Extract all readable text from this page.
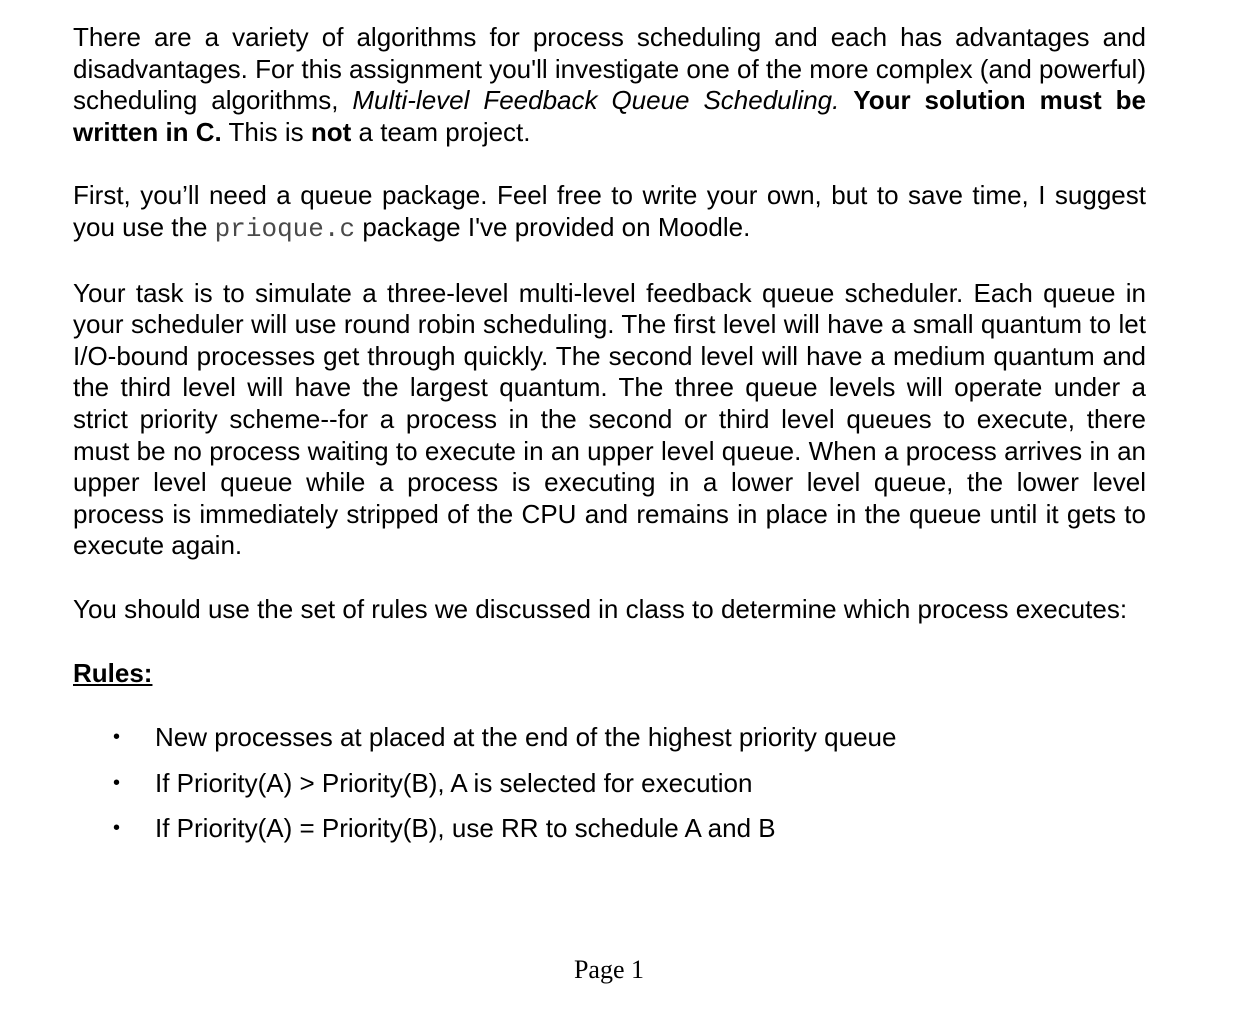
There are a variety of algorithms for process scheduling and each has advantages and disadvantages. For this assignment you'll investigate one of the more complex (and powerful) scheduling algorithms, Multi-level Feedback Queue Scheduling. Your solution must be written in C. This is not a team project.

First, you’ll need a queue package. Feel free to write your own, but to save time, I suggest you use the prioque.c package I've provided on Moodle.

Your task is to simulate a three-level multi-level feedback queue scheduler. Each queue in your scheduler will use round robin scheduling. The first level will have a small quantum to let I/O-bound processes get through quickly. The second level will have a medium quantum and the third level will have the largest quantum. The three queue levels will operate under a strict priority scheme--for a process in the second or third level queues to execute, there must be no process waiting to execute in an upper level queue. When a process arrives in an upper level queue while a process is executing in a lower level queue, the lower level process is immediately stripped of the CPU and remains in place in the queue until it gets to execute again.

You should use the set of rules we discussed in class to determine which process executes:

Rules:

• New processes at placed at the end of the highest priority queue
• If Priority(A) > Priority(B), A is selected for execution
• If Priority(A) = Priority(B), use RR to schedule A and B
Page 1
